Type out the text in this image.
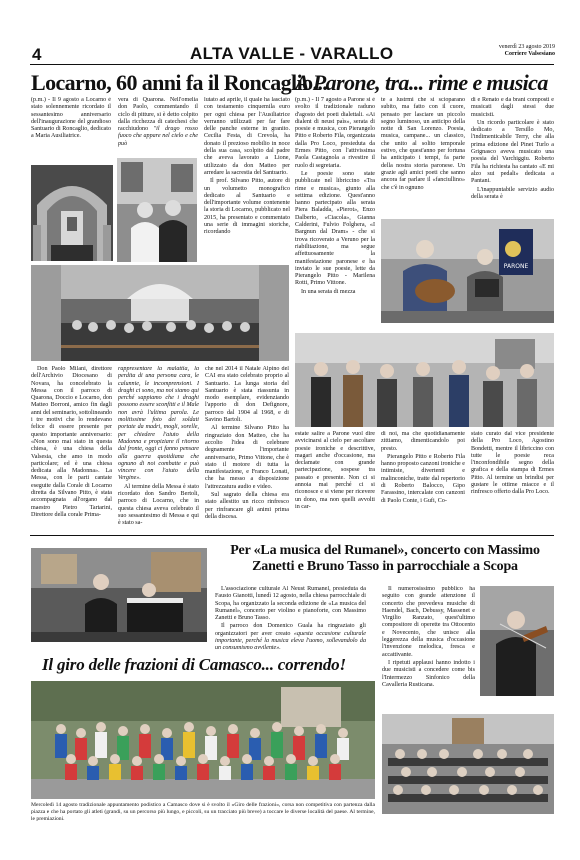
4	ALTA VALLE - VARALLO	venerdì 23 agosto 2019
Corriere Valsesiano
Locarno, 60 anni fa il Roncaglio...

(p.m.) - Il 9 agosto a Locarno è stato solennemente ricordato il sessantesimo anniversario dell'inaugurazione del grandioso Santuario di Roncaglio, dedicato a Maria Ausiliatrice.

vera di Quarona. Nell'omelia don Paolo, commentando il ciclo di pitture, si è detto colpito dalla ricchezza di catechesi che racchiudono "il drago rosso fuoco che appare nel cielo e che può

lutato ad aprile, il quale ha lasciato con testamento cinquemila euro per ogni chiesa per l'Ausiliatrice verranno utilizzati per far fare delle panche esterne in granito. Cecilia Festa, di Crevola, ha donato il prezioso mobilio in noce della sua casa, scolpito dal padre che aveva lavorato a Lione, utilizzato da don Matteo per arredare la sacrestia del Santuario.

Il prof. Silvano Pitto, autore di un volumetto monografico dedicato al Santuario e dell'importante volume contenente la storia di Locarno, pubblicato nel 2015, ha presentato e commentato una serie di immagini storiche, ricordando

Don Paolo Milani, direttore dell'Archivio Diocesano di Novara, ha concelebrato la Messa con il parroco di Quarona, Doccio e Locarno, don Matteo Borroni, amico fin dagli anni del seminario, sottolineando i tre motivi che lo rendevano felice di essere presente per questo importante anniversario: «Non sono mai stato in questa chiesa, è una chiesa della Valsesia, che amo in modo particolare; ed è una chiesa dedicata alla Madonna». La Messa, con le parti cantate eseguite dalla Corale di Locarno diretta da Silvano Pitto, è stata accompagnata all'organo dal maestro Pietro Tartarini, Direttore della corale Prima-

rappresentare la malattia, la perdita di una persona cara, le calunnie, le incomprensioni. I draghi ci sono, ma noi siamo qui perché sappiamo che i draghi possono essere sconfitti e il Male non avrà l'ultima parola. Le molitissime foto dei soldati portate da madri, mogli, sorelle, per chiedere l'aiuto della Madonna e propiziare il ritorno dal fronte, oggi ci fanno pensare alla guerra quotidiana che ognuno di noi combatte e può vincere con l'aiuto della Vergine».

Al termine della Messa è stato ricordato don Sandro Bertoli, parroco di Locarno, che in questa chiesa aveva celebrato il suo sessantesimo di Messa e qui è stato sa-

che nel 2014 il Natale Alpino del CAI era stato celebrato proprio al Santuario. La lunga storia del Santuario è stata riassunta in modo esemplare, evidenziando l'apporto di don Defignore, parroco dal 1904 al 1968, e di Savino Bartoli.

Al termine Silvano Pitto ha ringraziato don Matteo, che ha accolto l'idea di celebrare degnamente l'importante anniversario, Primo Vittone, che è stato il motore di tutta la manifestazione, e Franco Lonati, che ha messo a disposizione l'attrezzatura audio e video.

Sul sagrato della chiesa era stato allestito un ricco rinfresco per rinfrancare gli animi prima della discesa.

A Parone, tra... rime e musica

(p.m.) - Il 7 agosto a Parone si è svolto il tradizionale raduno d'agosto dei poeti dialettali. «Ai dialent di neust paìs», serata di poesie e musica, con Pierangelo Pitto e Roberto Fila, organizzata dalla Pro Loco, presieduta da Ermes Pitto, con l'attivissima Paola Castagnola a rivestire il ruolo di segretaria.

Le poesie sono state pubblicate nel libriccino «Tra rime e musica», giunto alla settima edizione. Quest'anno hanno partecipato alla serata Piera Baladda, «Pierot», Enzo Dalberto, «Ciacola», Gianna Calderini, Fulvio Folghera, «I Bargnun dal Dram» - che si trova ricoverato a Veruno per la riabilitazione, ma segue affettuosamente la manifestazione paronese e ha inviato le sue poesie, lette da Pierangelo Pitto - Marilena Rotti, Primo Vittone.

In una serata di mezza

te a lustrmi che si scioparano subito, ma fatto con il cuore, pensato per lasciare un piccolo segno luminoso, un anticipo della notte di San Lorenzo. Poesia, musica, campane... un classico, che unito al solito temporale estivo, che quest'anno per fortuna ha anticipato i tempi, fa parte della nostra storia paronese. Un grazie agli amici poeti che sanno ancora far parlare il «fanciullino» che c'è in ognuno

di e Renato e da brani composti e musicati dagli stessi due musicisti.

Un ricordo particolare è stato dedicato a Tersillo Mo, l'indimenticabile Terry, che alla prima edizione del Pinet Turlo a Grignasco aveva musicato una poesia del Varchiggiu. Roberto Fila ha richiesta ha cantato «E mi alzo sui pedali» dedicata a Pantani.

L'inappuntabile servizio audio della serata è

PARONE

estate salire a Parone vuol dire avvicinarsi al cielo per ascoltare poesie ironiche e descrittive, magari anche d'occasione, ma declamate con grande partecipazione, sospese tra passato e presente. Non ci si annoia mai perché ci si riconosce e si viene per ricevere un dono, ma non quelli avvolti in car-

di noi, ma che quotidianamente zittiamo, dimenticandolo poi presto.

Pierangelo Pitto e Roberto Fila hanno proposto canzoni ironiche e intimiste, divertenti e malinconiche, tratte dal repertorio di Roberto Balocco, Gipo Farassino, intercalate con canzoni di Paolo Conte, i Gufi, Co-

stato curato dal vice presidente della Pro Loco, Agostino Bondetti, mentre il libriccino con tutte le poesie reca l'inconfondibile segno della grafica e della stampa di Ermes Pitto. Al termine un brindisi per gustare le ottime miacce e il rinfresco offerto dalla Pro Loco.

Per «La musica del Rumanel», concerto con Massimo Zanetti e Bruno Tasso in parrocchiale a Scopa

L'associazione culturale Al Neust Rumanel, presieduta da Fausto Gianotti, lunedì 12 agosto, nella chiesa parrocchiale di Scopa, ha organizzato la seconda edizione de «La musica del Rumanel», concerto per violino e pianoforte, con Massimo Zanetti e Bruno Tasso.

Il parroco don Domenico Guala ha ringraziato gli organizzatori per aver creato «questa occasione culturale importante, perché la musica eleva l'uomo, sollevandolo da un consumismo avvilente».

Il numerosissimo pubblico ha seguito con grande attenzione il concerto che prevedeva musiche di Haendel, Bach, Debussy, Massenet e Virgilio Ranzato, quest'ultimo compositore di operette tra Ottocento e Novecento, che unisce alla leggerezza della musica d'occasione l'invenzione melodica, fresca e accattivante.

I ripetuti applausi hanno indotto i due musicisti a concedere come bis l'Intermezzo Sinfonico della Cavalleria Rusticana.

Il giro delle frazioni di Camasco... correndo!
Mercoledì 14 agosto tradizionale appuntamento podistico a Camasco dove si è svolto il «Giro delle frazioni», corsa non competitiva con partenza dalla piazza e che ha portato gli atleti (grandi, su un percorso più lungo, e piccoli, su un tracciato più breve) a toccare le diverse località del paese. Al termine, le premiazioni.
